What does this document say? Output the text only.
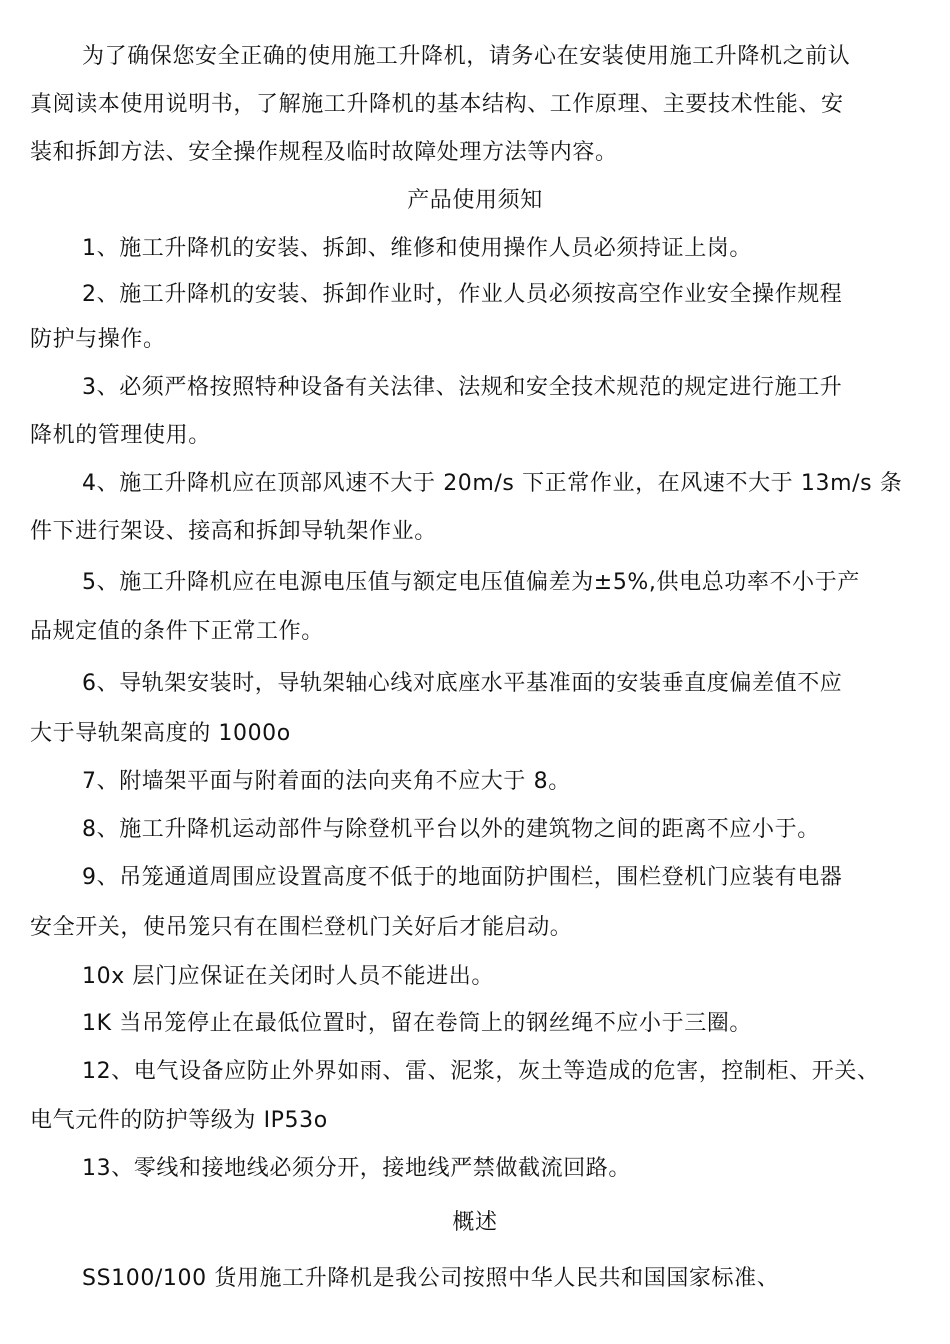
为了确保您安全正确的使用施工升降机，请务心在安装使用施工升降机之前认
真阅读本使用说明书，了解施工升降机的基本结构、工作原理、主要技术性能、安
装和拆卸方法、安全操作规程及临时故障处理方法等内容。
产品使用须知
1、施工升降机的安装、拆卸、维修和使用操作人员必须持证上岗。
2、施工升降机的安装、拆卸作业时，作业人员必须按高空作业安全操作规程
防护与操作。
3、必须严格按照特种设备有关法律、法规和安全技术规范的规定进行施工升
降机的管理使用。
4、施工升降机应在顶部风速不大于 20m/s 下正常作业，在风速不大于 13m/s 条
件下进行架设、接高和拆卸导轨架作业。
5、施工升降机应在电源电压值与额定电压值偏差为±5%,供电总功率不小于产
品规定值的条件下正常工作。
6、导轨架安装时，导轨架轴心线对底座水平基准面的安装垂直度偏差值不应
大于导轨架高度的 1000o
7、附墙架平面与附着面的法向夹角不应大于 8。
8、施工升降机运动部件与除登机平台以外的建筑物之间的距离不应小于。
9、吊笼通道周围应设置高度不低于的地面防护围栏，围栏登机门应装有电器
安全开关，使吊笼只有在围栏登机门关好后才能启动。
10x 层门应保证在关闭时人员不能进出。
1K 当吊笼停止在最低位置时，留在卷筒上的钢丝绳不应小于三圈。
12、电气设备应防止外界如雨、雷、泥浆，灰土等造成的危害，控制柜、开关、
电气元件的防护等级为 IP53o
13、零线和接地线必须分开，接地线严禁做截流回路。
概述
SS100/100 货用施工升降机是我公司按照中华人民共和国国家标准、
